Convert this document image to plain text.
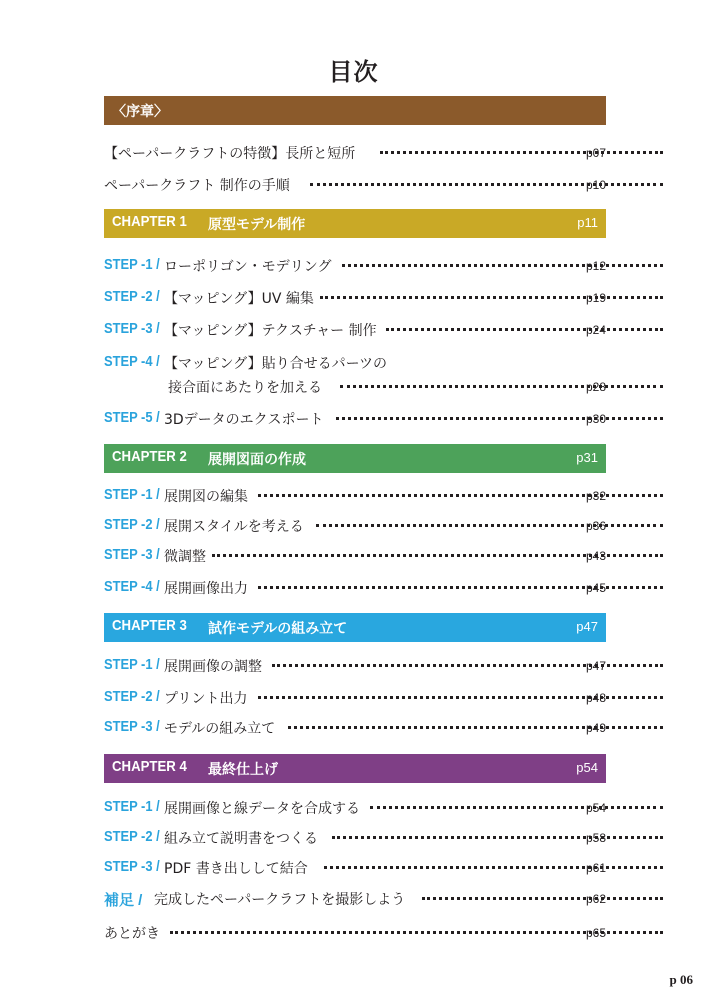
目次
〈序章〉
【ペーパークラフトの特徴】長所と短所	p07
ペーパークラフト 制作の手順	p10
CHAPTER 1 原型モデル制作	p11
STEP -1 / ローポリゴン・モデリング	p12
STEP -2 / 【マッピング】UV 編集	p19
STEP -3 / 【マッピング】テクスチャー 制作	p24
STEP -4 / 【マッピング】貼り合せるパーツの
接合面にあたりを加える	p28
STEP -5 / 3Dデータのエクスポート	p30
CHAPTER 2 展開図面の作成	p31
STEP -1 / 展開図の編集	p32
STEP -2 / 展開スタイルを考える	p36
STEP -3 / 微調整	p43
STEP -4 / 展開画像出力	p45
CHAPTER 3 試作モデルの組み立て	p47
STEP -1 / 展開画像の調整	p47
STEP -2 / プリント出力	p48
STEP -3 / モデルの組み立て	p49
CHAPTER 4 最終仕上げ	p54
STEP -1 / 展開画像と線データを合成する	p54
STEP -2 / 組み立て説明書をつくる	p58
STEP -3 / PDF 書き出しして結合	p61
補足 / 完成したペーパークラフトを撮影しよう	p62
あとがき	p65
p 06
